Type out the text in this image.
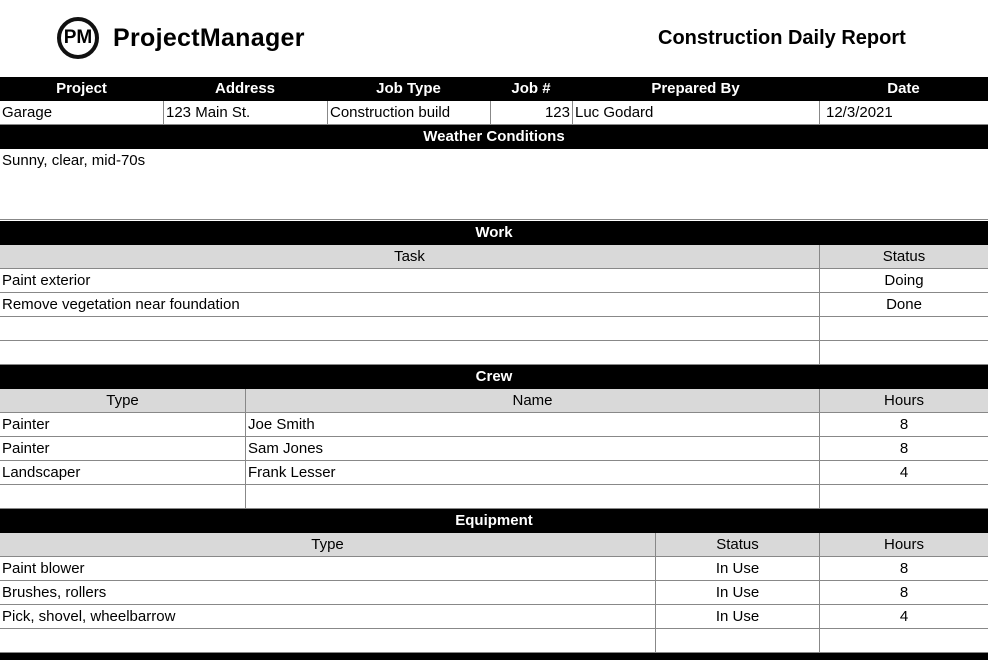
PM ProjectManager	Construction Daily Report
Project	Address	Job Type	Job #	Prepared By	Date
Garage	123 Main St.	Construction build	123 Luc Godard	12/3/2021
Weather Conditions
Sunny, clear, mid-70s
Work
Task	Status
Paint exterior	Doing
Remove vegetation near foundation	Done
Crew
Type	Name	Hours
Painter	Joe Smith	8
Painter	Sam Jones	8
Landscaper	Frank Lesser	4
Equipment
Type	Status	Hours
Paint blower	In Use	8
Brushes, rollers	In Use	8
Pick, shovel, wheelbarrow	In Use	4
